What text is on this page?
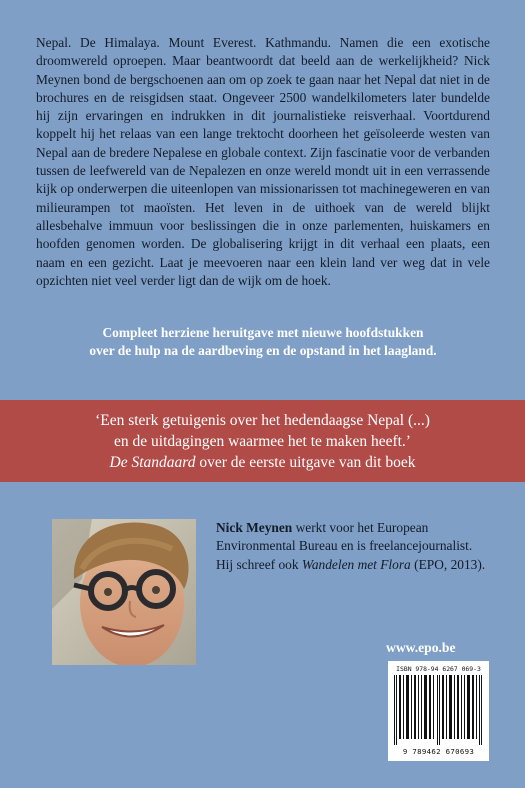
Nepal. De Himalaya. Mount Everest. Kathmandu. Namen die een exotische droomwereld oproepen. Maar beantwoordt dat beeld aan de werkelijkheid? Nick Meynen bond de bergschoenen aan om op zoek te gaan naar het Nepal dat niet in de brochures en de reisgidsen staat. Ongeveer 2500 wandelkilometers later bundelde hij zijn ervaringen en indrukken in dit journalistieke reisverhaal. Voortdurend koppelt hij het relaas van een lange trektocht doorheen het geïsoleerde westen van Nepal aan de bredere Nepalese en globale context. Zijn fascinatie voor de verbanden tussen de leefwereld van de Nepalezen en onze wereld mondt uit in een verrassende kijk op onderwerpen die uiteenlopen van missionarissen tot machinegeweren en van milieurampen tot maoïsten. Het leven in de uithoek van de wereld blijkt allesbehalve immuun voor beslissingen die in onze parlementen, huiskamers en hoofden genomen worden. De globalisering krijgt in dit verhaal een plaats, een naam en een gezicht. Laat je meevoeren naar een klein land ver weg dat in vele opzichten niet veel verder ligt dan de wijk om de hoek.

Compleet herziene heruitgave met nieuwe hoofdstukken
over de hulp na de aardbeving en de opstand in het laagland.
‘Een sterk getuigenis over het hedendaagse Nepal (...)
en de uitdagingen waarmee het te maken heeft.’
De Standaard over de eerste uitgave van dit boek

Nick Meynen werkt voor het European Environmental Bureau en is freelancejournalist. Hij schreef ook Wandelen met Flora (EPO, 2013).

www.epo.be
ISBN 978-94 6267 069-3
9 789462 670693
